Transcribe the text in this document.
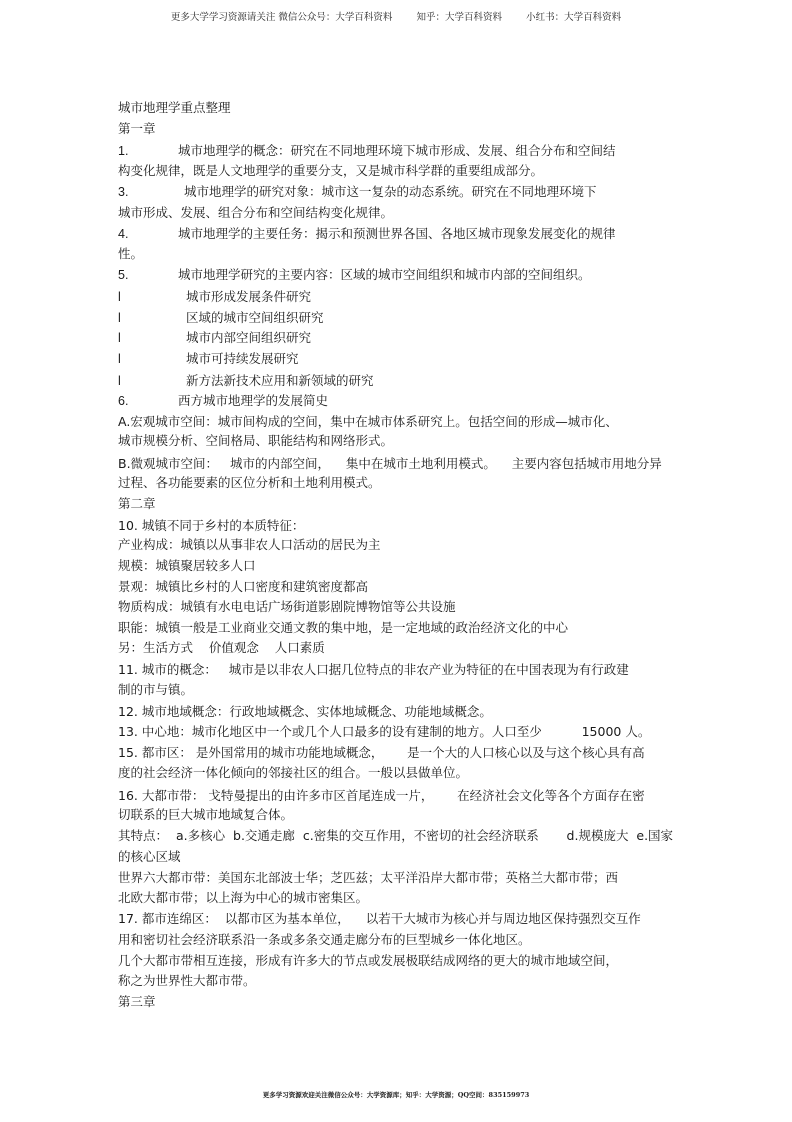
更多大学学习资源请关注 微信公众号：大学百科资料        知乎：大学百科资料        小红书：大学百科资料
城市地理学重点整理
第一章
1.	城市地理学的概念：研究在不同地理环境下城市形成、发展、组合分布和空间结
构变化规律，既是人文地理学的重要分支，又是城市科学群的重要组成部分。
3.	城市地理学的研究对象：城市这一复杂的动态系统。研究在不同地理环境下
城市形成、发展、组合分布和空间结构变化规律。
4.	城市地理学的主要任务：揭示和预测世界各国、各地区城市现象发展变化的规律
性。
5.	城市地理学研究的主要内容：区域的城市空间组织和城市内部的空间组织。
l	城市形成发展条件研究
l	区域的城市空间组织研究
l	城市内部空间组织研究
l	城市可持续发展研究
l	新方法新技术应用和新领域的研究
6.	西方城市地理学的发展简史
A.宏观城市空间：城市间构成的空间，集中在城市体系研究上。包括空间的形成—城市化、
城市规模分析、空间格局、职能结构和网络形式。
B.微观城市空间：   城市的内部空间，    集中在城市土地利用模式。    主要内容包括城市用地分异
过程、各功能要素的区位分析和土地利用模式。
第二章
10. 城镇不同于乡村的本质特征：
产业构成：城镇以从事非农人口活动的居民为主
规模：城镇聚居较多人口
景观：城镇比乡村的人口密度和建筑密度都高
物质构成：城镇有水电电话广场街道影剧院博物馆等公共设施
职能：城镇一般是工业商业交通文教的集中地，是一定地域的政治经济文化的中心
另：生活方式    价值观念    人口素质
11. 城市的概念：   城市是以非农人口据几位特点的非农产业为特征的在中国表现为有行政建
制的市与镇。
12. 城市地域概念：行政地域概念、实体地域概念、功能地域概念。
13. 中心地：城市化地区中一个或几个人口最多的设有建制的地方。人口至少          15000 人。
15. 都市区： 是外国常用的城市功能地域概念，      是一个大的人口核心以及与这个核心具有高
度的社会经济一体化倾向的邻接社区的组合。一般以县做单位。
16. 大都市带： 戈特曼提出的由许多市区首尾连成一片，      在经济社会文化等各个方面存在密
切联系的巨大城市地域复合体。
其特点：  a.多核心  b.交通走廊  c.密集的交互作用，不密切的社会经济联系       d.规模庞大  e.国家
的核心区域
世界六大都市带：美国东北部波士华；芝匹兹；太平洋沿岸大都市带；英格兰大都市带；西
北欧大都市带；以上海为中心的城市密集区。
17. 都市连绵区：  以都市区为基本单位，    以若干大城市为核心并与周边地区保持强烈交互作
用和密切社会经济联系沿一条或多条交通走廊分布的巨型城乡一体化地区。
几个大都市带相互连接，形成有许多大的节点或发展极联结成网络的更大的城市地域空间，
称之为世界性大都市带。
第三章
更多学习资源欢迎关注微信公众号：大学资源库；知乎：大学资源；QQ空间：835159973
